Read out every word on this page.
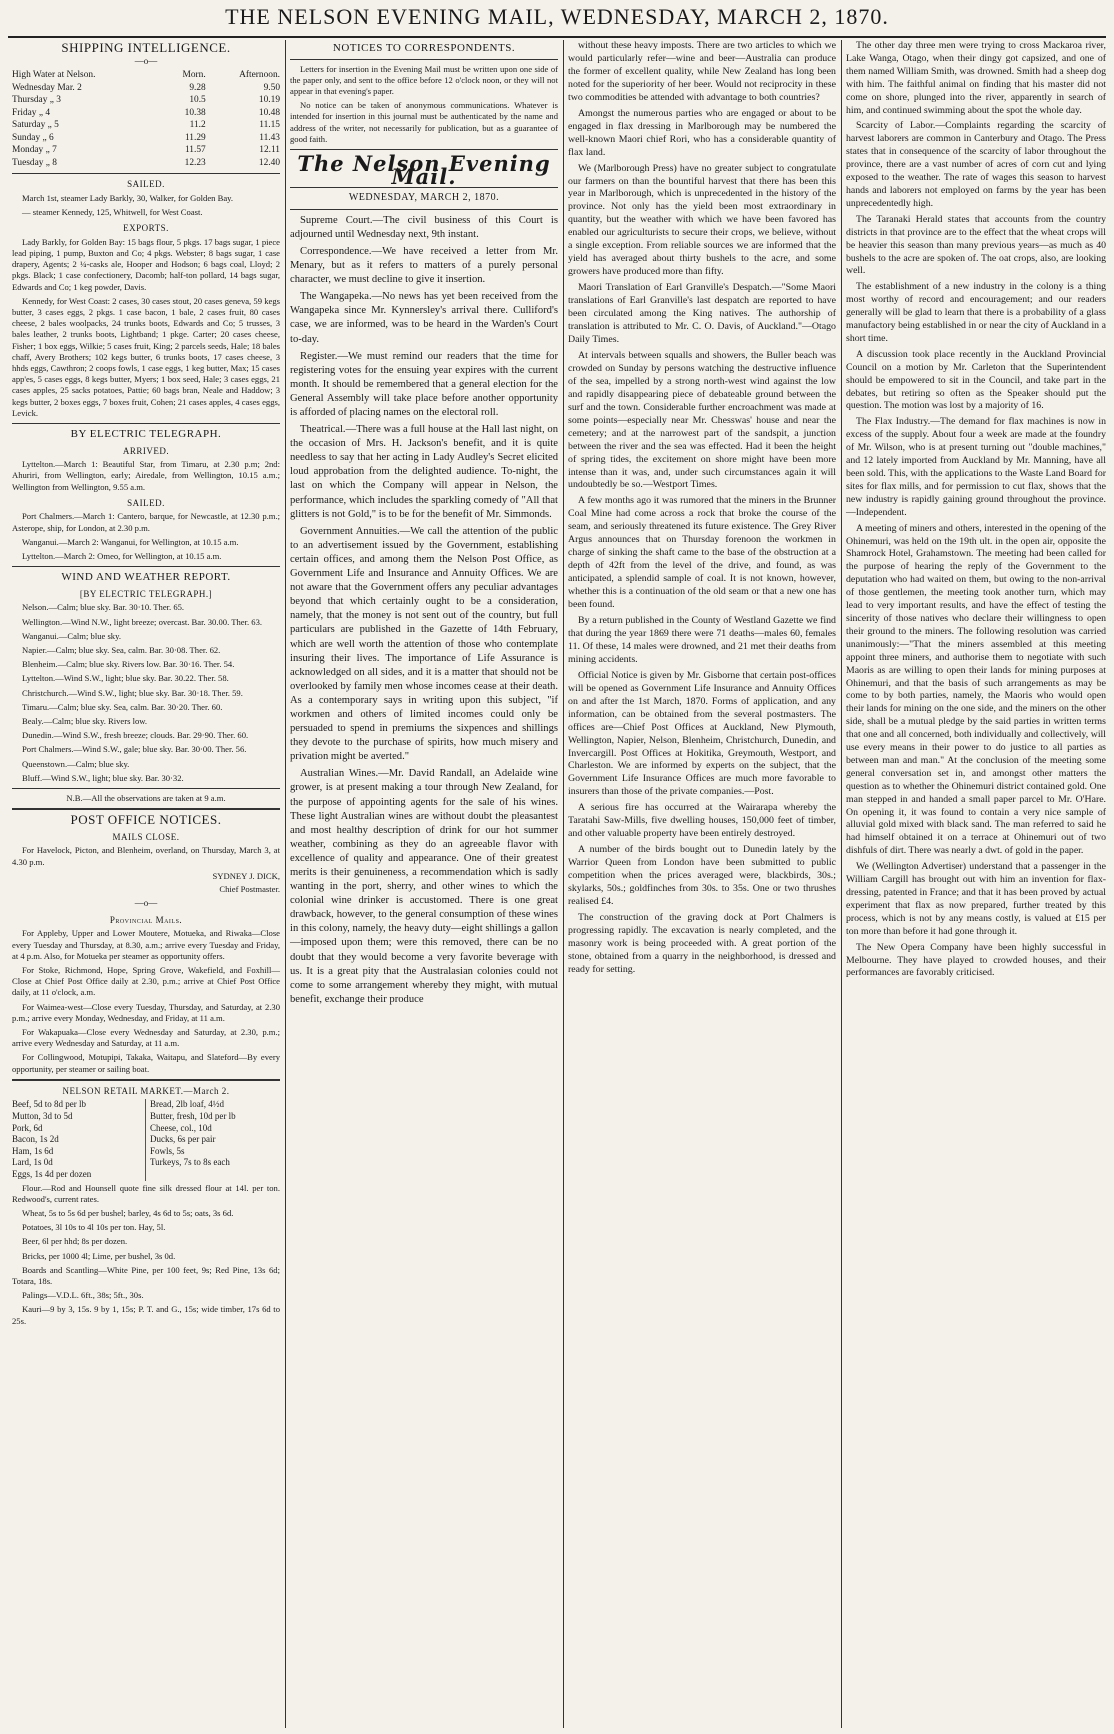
THE NELSON EVENING MAIL, WEDNESDAY, MARCH 2, 1870.
SHIPPING INTELLIGENCE.
—o—
High Water at Nelson.	Morn.	Afternoon.
Wednesday Mar. 2	9.28	9.50
Thursday „ 3	10.5	10.19
Friday „ 4	10.38	10.48
Saturday „ 5	11.2	11.15
Sunday „ 6	11.29	11.43
Monday „ 7	11.57	12.11
Tuesday „ 8	12.23	12.40
SAILED.

March 1st, steamer Lady Barkly, 30, Walker, for Golden Bay.

— steamer Kennedy, 125, Whitwell, for West Coast.

EXPORTS.

Lady Barkly, for Golden Bay: 15 bags flour, 5 pkgs. 17 bags sugar, 1 piece lead piping, 1 pump, Buxton and Co; 4 pkgs. Webster; 8 bags sugar, 1 case drapery, Agents; 2 ¼-casks ale, Hooper and Hodson; 6 bags coal, Lloyd; 2 pkgs. Black; 1 case confectionery, Dacomb; half-ton pollard, 14 bags sugar, Edwards and Co; 1 keg powder, Davis.

Kennedy, for West Coast: 2 cases, 30 cases stout, 20 cases geneva, 59 kegs butter, 3 cases eggs, 2 pkgs. 1 case bacon, 1 bale, 2 cases fruit, 80 cases cheese, 2 bales woolpacks, 24 trunks boots, Edwards and Co; 5 trusses, 3 bales leather, 2 trunks boots, Lightband; 1 pkge. Carter; 20 cases cheese, Fisher; 1 box eggs, Wilkie; 5 cases fruit, King; 2 parcels seeds, Hale; 18 bales chaff, Avery Brothers; 102 kegs butter, 6 trunks boots, 17 cases cheese, 3 hhds eggs, Cawthron; 2 coops fowls, 1 case eggs, 1 keg butter, Max; 15 cases app'es, 5 cases eggs, 8 kegs butter, Myers; 1 box seed, Hale; 3 cases eggs, 21 cases apples, 25 sacks potatoes, Pattie; 60 bags bran, Neale and Haddow; 3 kegs butter, 2 boxes eggs, 7 boxes fruit, Cohen; 21 cases apples, 4 cases eggs, Levick.

BY ELECTRIC TELEGRAPH.
ARRIVED.

Lyttelton.—March 1: Beautiful Star, from Timaru, at 2.30 p.m; 2nd: Ahuriri, from Wellington, early; Airedale, from Wellington, 10.15 a.m.; Wellington from Wellington, 9.55 a.m.

SAILED.

Port Chalmers.—March 1: Cantero, barque, for Newcastle, at 12.30 p.m.; Asterope, ship, for London, at 2.30 p.m.

Wanganui.—March 2: Wanganui, for Wellington, at 10.15 a.m.

Lyttelton.—March 2: Omeo, for Wellington, at 10.15 a.m.

WIND AND WEATHER REPORT.
[BY ELECTRIC TELEGRAPH.]

Nelson.—Calm; blue sky. Bar. 30·10. Ther. 65.

Wellington.—Wind N.W., light breeze; overcast. Bar. 30.00. Ther. 63.

Wanganui.—Calm; blue sky.

Napier.—Calm; blue sky. Sea, calm. Bar. 30·08. Ther. 62.

Blenheim.—Calm; blue sky. Rivers low. Bar. 30·16. Ther. 54.

Lyttelton.—Wind S.W., light; blue sky. Bar. 30.22. Ther. 58.

Christchurch.—Wind S.W., light; blue sky. Bar. 30·18. Ther. 59.

Timaru.—Calm; blue sky. Sea, calm. Bar. 30·20. Ther. 60.

Bealy.—Calm; blue sky. Rivers low.

Dunedin.—Wind S.W., fresh breeze; clouds. Bar. 29·90. Ther. 60.

Port Chalmers.—Wind S.W., gale; blue sky. Bar. 30·00. Ther. 56.

Queenstown.—Calm; blue sky.

Bluff.—Wind S.W., light; blue sky. Bar. 30·32.

N.B.—All the observations are taken at 9 a.m.

POST OFFICE NOTICES.
MAILS CLOSE.

For Havelock, Picton, and Blenheim, overland, on Thursday, March 3, at 4.30 p.m.

SYDNEY J. DICK,
Chief Postmaster.
—o—
Provincial Mails.

For Appleby, Upper and Lower Moutere, Motueka, and Riwaka—Close every Tuesday and Thursday, at 8.30, a.m.; arrive every Tuesday and Friday, at 4 p.m. Also, for Motueka per steamer as opportunity offers.

For Stoke, Richmond, Hope, Spring Grove, Wakefield, and Foxhill—Close at Chief Post Office daily at 2.30, p.m.; arrive at Chief Post Office daily, at 11 o'clock, a.m.

For Waimea-west—Close every Tuesday, Thursday, and Saturday, at 2.30 p.m.; arrive every Monday, Wednesday, and Friday, at 11 a.m.

For Wakapuaka—Close every Wednesday and Saturday, at 2.30, p.m.; arrive every Wednesday and Saturday, at 11 a.m.

For Collingwood, Motupipi, Takaka, Waitapu, and Slateford—By every opportunity, per steamer or sailing boat.

NELSON RETAIL MARKET.—March 2.
Beef, 5d to 8d per lb
Mutton, 3d to 5d
Pork, 6d
Bacon, 1s 2d
Ham, 1s 6d
Lard, 1s 0d
Eggs, 1s 4d per dozen
Bread, 2lb loaf, 4½d
Butter, fresh, 10d per lb
Cheese, col., 10d
Ducks, 6s per pair
Fowls, 5s
Turkeys, 7s to 8s each

Flour.—Rod and Hounsell quote fine silk dressed flour at 14l. per ton. Redwood's, current rates.

Wheat, 5s to 5s 6d per bushel; barley, 4s 6d to 5s; oats, 3s 6d.

Potatoes, 3l 10s to 4l 10s per ton. Hay, 5l.

Beer, 6l per hhd; 8s per dozen.

Bricks, per 1000 4l; Lime, per bushel, 3s 0d.

Boards and Scantling—White Pine, per 100 feet, 9s; Red Pine, 13s 6d; Totara, 18s.

Palings—V.D.L. 6ft., 38s; 5ft., 30s.

Kauri—9 by 3, 15s. 9 by 1, 15s; P. T. and G., 15s; wide timber, 17s 6d to 25s.

NOTICES TO CORRESPONDENTS.

Letters for insertion in the Evening Mail must be written upon one side of the paper only, and sent to the office before 12 o'clock noon, or they will not appear in that evening's paper.

No notice can be taken of anonymous communications. Whatever is intended for insertion in this journal must be authenticated by the name and address of the writer, not necessarily for publication, but as a guarantee of good faith.

The Nelson Evening Mail.
WEDNESDAY, MARCH 2, 1870.

Supreme Court.—The civil business of this Court is adjourned until Wednesday next, 9th instant.

Correspondence.—We have received a letter from Mr. Menary, but as it refers to matters of a purely personal character, we must decline to give it insertion.

The Wangapeka.—No news has yet been received from the Wangapeka since Mr. Kynnersley's arrival there. Culliford's case, we are informed, was to be heard in the Warden's Court to-day.

Register.—We must remind our readers that the time for registering votes for the ensuing year expires with the current month. It should be remembered that a general election for the General Assembly will take place before another opportunity is afforded of placing names on the electoral roll.

Theatrical.—There was a full house at the Hall last night, on the occasion of Mrs. H. Jackson's benefit, and it is quite needless to say that her acting in Lady Audley's Secret elicited loud approbation from the delighted audience. To-night, the last on which the Company will appear in Nelson, the performance, which includes the sparkling comedy of "All that glitters is not Gold," is to be for the benefit of Mr. Simmonds.

Government Annuities.—We call the attention of the public to an advertisement issued by the Government, establishing certain offices, and among them the Nelson Post Office, as Government Life and Insurance and Annuity Offices. We are not aware that the Government offers any peculiar advantages beyond that which certainly ought to be a consideration, namely, that the money is not sent out of the country, but full particulars are published in the Gazette of 14th February, which are well worth the attention of those who contemplate insuring their lives. The importance of Life Assurance is acknowledged on all sides, and it is a matter that should not be overlooked by family men whose incomes cease at their death. As a contemporary says in writing upon this subject, "if workmen and others of limited incomes could only be persuaded to spend in premiums the sixpences and shillings they devote to the purchase of spirits, how much misery and privation might be averted."

Australian Wines.—Mr. David Randall, an Adelaide wine grower, is at present making a tour through New Zealand, for the purpose of appointing agents for the sale of his wines. These light Australian wines are without doubt the pleasantest and most healthy description of drink for our hot summer weather, combining as they do an agreeable flavor with excellence of quality and appearance. One of their greatest merits is their genuineness, a recommendation which is sadly wanting in the port, sherry, and other wines to which the colonial wine drinker is accustomed. There is one great drawback, however, to the general consumption of these wines in this colony, namely, the heavy duty—eight shillings a gallon—imposed upon them; were this removed, there can be no doubt that they would become a very favorite beverage with us. It is a great pity that the Australasian colonies could not come to some arrangement whereby they might, with mutual benefit, exchange their produce

without these heavy imposts. There are two articles to which we would particularly refer—wine and beer—Australia can produce the former of excellent quality, while New Zealand has long been noted for the superiority of her beer. Would not reciprocity in these two commodities be attended with advantage to both countries?

Amongst the numerous parties who are engaged or about to be engaged in flax dressing in Marlborough may be numbered the well-known Maori chief Rori, who has a considerable quantity of flax land.

We (Marlborough Press) have no greater subject to congratulate our farmers on than the bountiful harvest that there has been this year in Marlborough, which is unprecedented in the history of the province. Not only has the yield been most extraordinary in quantity, but the weather with which we have been favored has enabled our agriculturists to secure their crops, we believe, without a single exception. From reliable sources we are informed that the yield has averaged about thirty bushels to the acre, and some growers have produced more than fifty.

Maori Translation of Earl Granville's Despatch.—"Some Maori translations of Earl Granville's last despatch are reported to have been circulated among the King natives. The authorship of translation is attributed to Mr. C. O. Davis, of Auckland."—Otago Daily Times.

At intervals between squalls and showers, the Buller beach was crowded on Sunday by persons watching the destructive influence of the sea, impelled by a strong north-west wind against the low and rapidly disappearing piece of debateable ground between the surf and the town. Considerable further encroachment was made at some points—especially near Mr. Chesswas' house and near the cemetery; and at the narrowest part of the sandspit, a junction between the river and the sea was effected. Had it been the height of spring tides, the excitement on shore might have been more intense than it was, and, under such circumstances again it will undoubtedly be so.—Westport Times.

A few months ago it was rumored that the miners in the Brunner Coal Mine had come across a rock that broke the course of the seam, and seriously threatened its future existence. The Grey River Argus announces that on Thursday forenoon the workmen in charge of sinking the shaft came to the base of the obstruction at a depth of 42ft from the level of the drive, and found, as was anticipated, a splendid sample of coal. It is not known, however, whether this is a continuation of the old seam or that a new one has been found.

By a return published in the County of Westland Gazette we find that during the year 1869 there were 71 deaths—males 60, females 11. Of these, 14 males were drowned, and 21 met their deaths from mining accidents.

Official Notice is given by Mr. Gisborne that certain post-offices will be opened as Government Life Insurance and Annuity Offices on and after the 1st March, 1870. Forms of application, and any information, can be obtained from the several postmasters. The offices are—Chief Post Offices at Auckland, New Plymouth, Wellington, Napier, Nelson, Blenheim, Christchurch, Dunedin, and Invercargill. Post Offices at Hokitika, Greymouth, Westport, and Charleston. We are informed by experts on the subject, that the Government Life Insurance Offices are much more favorable to insurers than those of the private companies.—Post.

A serious fire has occurred at the Wairarapa whereby the Taratahi Saw-Mills, five dwelling houses, 150,000 feet of timber, and other valuable property have been entirely destroyed.

A number of the birds bought out to Dunedin lately by the Warrior Queen from London have been submitted to public competition when the prices averaged were, blackbirds, 30s.; skylarks, 50s.; goldfinches from 30s. to 35s. One or two thrushes realised £4.

The construction of the graving dock at Port Chalmers is progressing rapidly. The excavation is nearly completed, and the masonry work is being proceeded with. A great portion of the stone, obtained from a quarry in the neighborhood, is dressed and ready for setting.

The other day three men were trying to cross Mackaroa river, Lake Wanga, Otago, when their dingy got capsized, and one of them named William Smith, was drowned. Smith had a sheep dog with him. The faithful animal on finding that his master did not come on shore, plunged into the river, apparently in search of him, and continued swimming about the spot the whole day.

Scarcity of Labor.—Complaints regarding the scarcity of harvest laborers are common in Canterbury and Otago. The Press states that in consequence of the scarcity of labor throughout the province, there are a vast number of acres of corn cut and lying exposed to the weather. The rate of wages this season to harvest hands and laborers not employed on farms by the year has been unprecedentedly high.

The Taranaki Herald states that accounts from the country districts in that province are to the effect that the wheat crops will be heavier this season than many previous years—as much as 40 bushels to the acre are spoken of. The oat crops, also, are looking well.

The establishment of a new industry in the colony is a thing most worthy of record and encouragement; and our readers generally will be glad to learn that there is a probability of a glass manufactory being established in or near the city of Auckland in a short time.

A discussion took place recently in the Auckland Provincial Council on a motion by Mr. Carleton that the Superintendent should be empowered to sit in the Council, and take part in the debates, but retiring so often as the Speaker should put the question. The motion was lost by a majority of 16.

The Flax Industry.—The demand for flax machines is now in excess of the supply. About four a week are made at the foundry of Mr. Wilson, who is at present turning out "double machines," and 12 lately imported from Auckland by Mr. Manning, have all been sold. This, with the applications to the Waste Land Board for sites for flax mills, and for permission to cut flax, shows that the new industry is rapidly gaining ground throughout the province.—Independent.

A meeting of miners and others, interested in the opening of the Ohinemuri, was held on the 19th ult. in the open air, opposite the Shamrock Hotel, Grahamstown. The meeting had been called for the purpose of hearing the reply of the Government to the deputation who had waited on them, but owing to the non-arrival of those gentlemen, the meeting took another turn, which may lead to very important results, and have the effect of testing the sincerity of those natives who declare their willingness to open their ground to the miners. The following resolution was carried unanimously:—"That the miners assembled at this meeting appoint three miners, and authorise them to negotiate with such Maoris as are willing to open their lands for mining purposes at Ohinemuri, and that the basis of such arrangements as may be come to by both parties, namely, the Maoris who would open their lands for mining on the one side, and the miners on the other side, shall be a mutual pledge by the said parties in written terms that one and all concerned, both individually and collectively, will use every means in their power to do justice to all parties as between man and man." At the conclusion of the meeting some general conversation set in, and amongst other matters the question as to whether the Ohinemuri district contained gold. One man stepped in and handed a small paper parcel to Mr. O'Hare. On opening it, it was found to contain a very nice sample of alluvial gold mixed with black sand. The man referred to said he had himself obtained it on a terrace at Ohinemuri out of two dishfuls of dirt. There was nearly a dwt. of gold in the paper.

We (Wellington Advertiser) understand that a passenger in the William Cargill has brought out with him an invention for flax-dressing, patented in France; and that it has been proved by actual experiment that flax as now prepared, further treated by this process, which is not by any means costly, is valued at £15 per ton more than before it had gone through it.

The New Opera Company have been highly successful in Melbourne. They have played to crowded houses, and their performances are favorably criticised.
